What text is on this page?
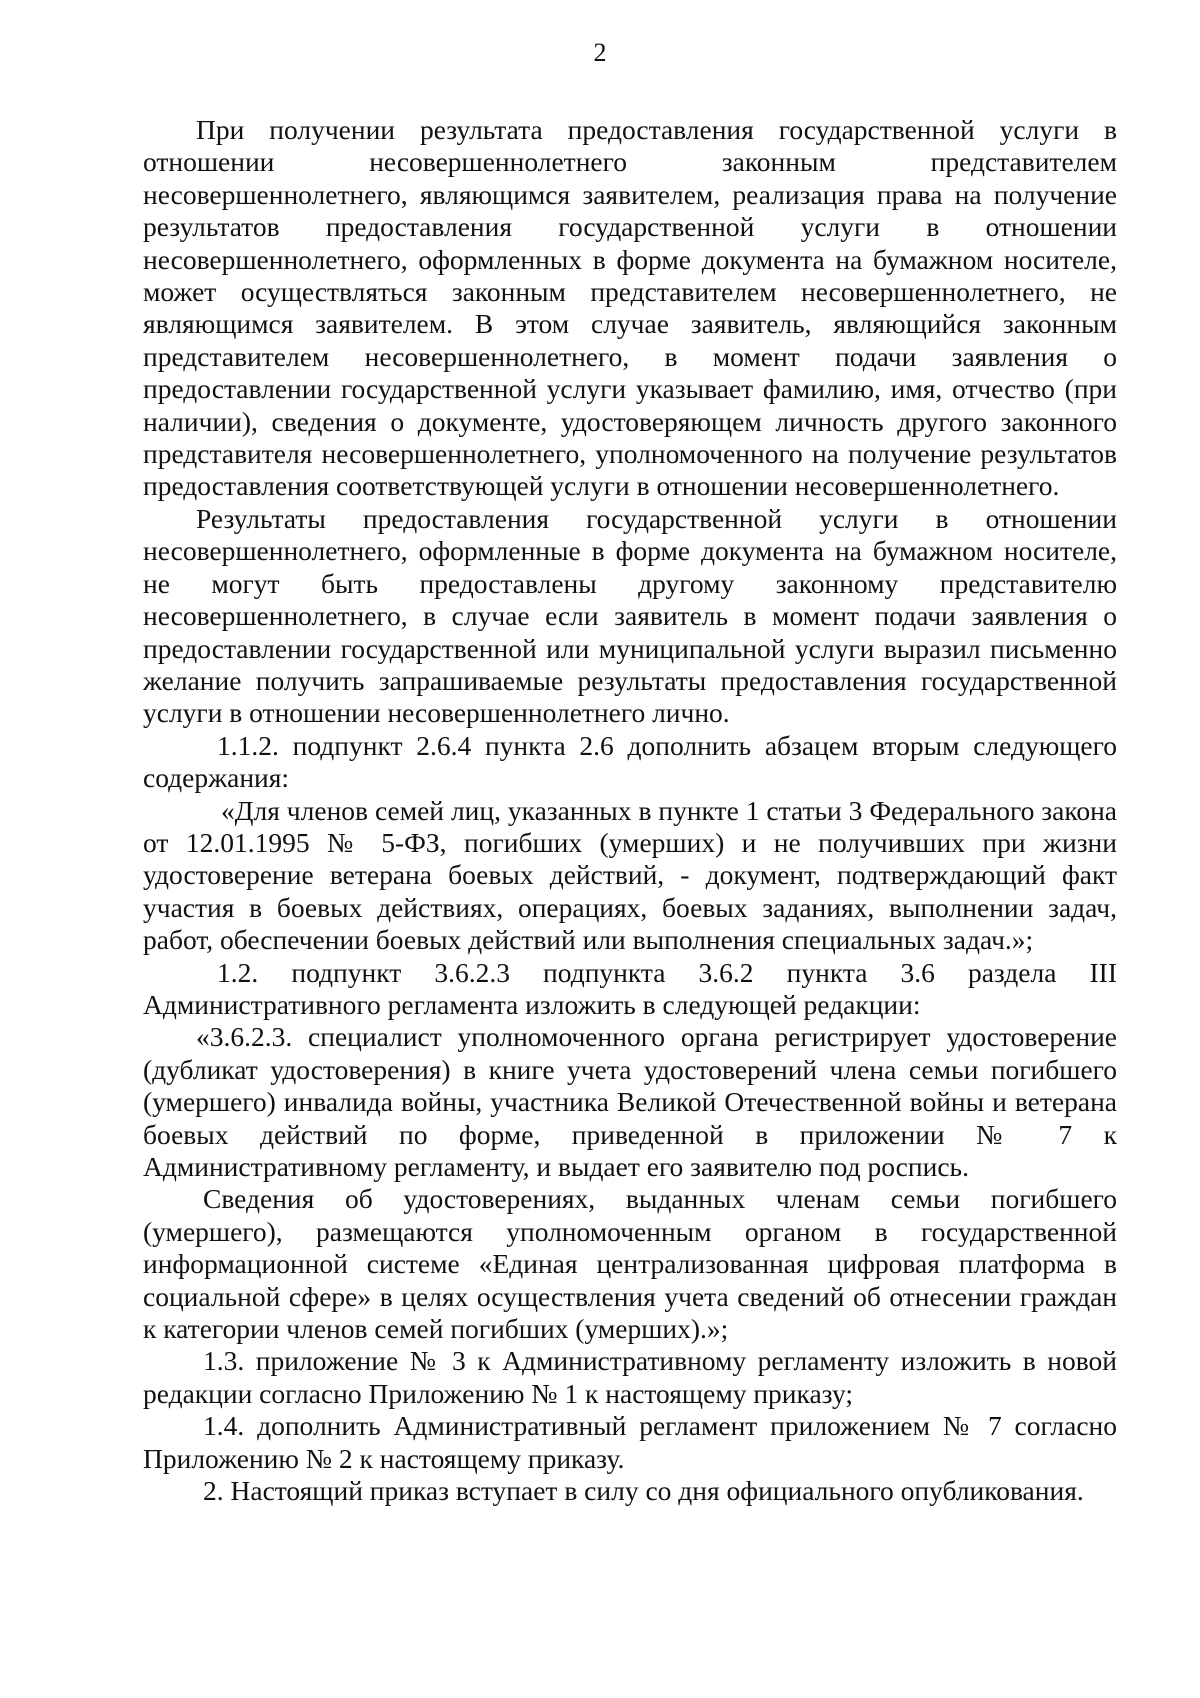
2

При получении результата предоставления государственной услуги в отношении несовершеннолетнего законным представителем несовершеннолетнего, являющимся заявителем, реализация права на получение результатов предоставления государственной услуги в отношении несовершеннолетнего, оформленных в форме документа на бумажном носителе, может осуществляться законным представителем несовершеннолетнего, не являющимся заявителем. В этом случае заявитель, являющийся законным представителем несовершеннолетнего, в момент подачи заявления о предоставлении государственной услуги указывает фамилию, имя, отчество (при наличии), сведения о документе, удостоверяющем личность другого законного представителя несовершеннолетнего, уполномоченного на получение результатов предоставления соответствующей услуги в отношении несовершеннолетнего.

Результаты предоставления государственной услуги в отношении несовершеннолетнего, оформленные в форме документа на бумажном носителе, не могут быть предоставлены другому законному представителю несовершеннолетнего, в случае если заявитель в момент подачи заявления о предоставлении государственной или муниципальной услуги выразил письменно желание получить запрашиваемые результаты предоставления государственной услуги в отношении несовершеннолетнего лично.

1.1.2. подпункт 2.6.4 пункта 2.6 дополнить абзацем вторым следующего содержания:

«Для членов семей лиц, указанных в пункте 1 статьи 3 Федерального закона от 12.01.1995 № 5-ФЗ, погибших (умерших) и не получивших при жизни удостоверение ветерана боевых действий, - документ, подтверждающий факт участия в боевых действиях, операциях, боевых заданиях, выполнении задач, работ, обеспечении боевых действий или выполнения специальных задач.»;

1.2. подпункт 3.6.2.3 подпункта 3.6.2 пункта 3.6 раздела III Административного регламента изложить в следующей редакции:

«3.6.2.3. специалист уполномоченного органа регистрирует удостоверение (дубликат удостоверения) в книге учета удостоверений члена семьи погибшего (умершего) инвалида войны, участника Великой Отечественной войны и ветерана боевых действий по форме, приведенной в приложении № 7 к Административному регламенту, и выдает его заявителю под роспись.

Сведения об удостоверениях, выданных членам семьи погибшего (умершего), размещаются уполномоченным органом в государственной информационной системе «Единая централизованная цифровая платформа в социальной сфере» в целях осуществления учета сведений об отнесении граждан к категории членов семей погибших (умерших).»;

1.3. приложение № 3 к Административному регламенту изложить в новой редакции согласно Приложению № 1 к настоящему приказу;

1.4. дополнить Административный регламент приложением № 7 согласно Приложению № 2 к настоящему приказу.

2. Настоящий приказ вступает в силу со дня официального опубликования.
